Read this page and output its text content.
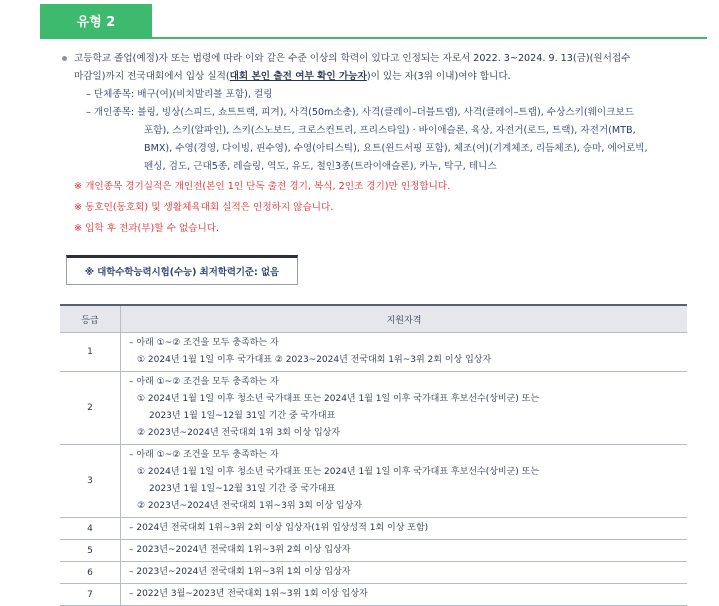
유형 2
고등학교 졸업(예정)자 또는 법령에 따라 이와 같은 수준 이상의 학력이 있다고 인정되는 자로서 2022. 3~2024. 9. 13(금)(원서접수
마감일)까지 전국대회에서 입상 실적(대회 본인 출전 여부 확인 가능자)이 있는 자(3위 이내)여야 합니다.
– 단체종목: 배구(여)(비치발리볼 포함), 컬링
– 개인종목: 볼링, 빙상(스피드, 쇼트트랙, 피겨), 사격(50m소총), 사격(클레이–더블트랩), 사격(클레이–트랩), 수상스키(웨이크보드
포함), 스키(알파인), 스키(스노보드, 크로스컨트리, 프리스타일) · 바이애슬론, 육상, 자전거(로드, 트랙), 자전거(MTB,
BMX), 수영(경영, 다이빙, 핀수영), 수영(아티스틱), 요트(윈드서핑 포함), 체조(여)(기계체조, 리듬체조), 승마, 에어로빅,
펜싱, 검도, 근대5종, 레슬링, 역도, 유도, 철인3종(트라이애슬론), 카누, 탁구, 테니스
※ 개인종목 경기실적은 개인전(본인 1인 단독 출전 경기, 복식, 2인조 경기)만 인정합니다.
※ 동호인(동호회) 및 생활체육대회 실적은 인정하지 않습니다.
※ 입학 후 전과(부)할 수 없습니다.
※ 대학수학능력시험(수능) 최저학력기준: 없음
등급	지원자격
1	– 아래 ①~② 조건을 모두 충족하는 자
① 2024년 1월 1일 이후 국가대표 ② 2023~2024년 전국대회 1위~3위 2회 이상 입상자

2	– 아래 ①~② 조건을 모두 충족하는 자
① 2024년 1월 1일 이후 청소년 국가대표 또는 2024년 1월 1일 이후 국가대표 후보선수(상비군) 또는
2023년 1월 1일~12월 31일 기간 중 국가대표
② 2023년~2024년 전국대회 1위 3회 이상 입상자

3	– 아래 ①~② 조건을 모두 충족하는 자
① 2024년 1월 1일 이후 청소년 국가대표 또는 2024년 1월 1일 이후 국가대표 후보선수(상비군) 또는
2023년 1월 1일~12월 31일 기간 중 국가대표
② 2023년~2024년 전국대회 1위~3위 3회 이상 입상자

4	– 2024년 전국대회 1위~3위 2회 이상 입상자(1위 입상성적 1회 이상 포함)

5	– 2023년~2024년 전국대회 1위~3위 2회 이상 입상자

6	– 2023년~2024년 전국대회 1위~3위 1회 이상 입상자

7	– 2022년 3월~2023년 전국대회 1위~3위 1회 이상 입상자
